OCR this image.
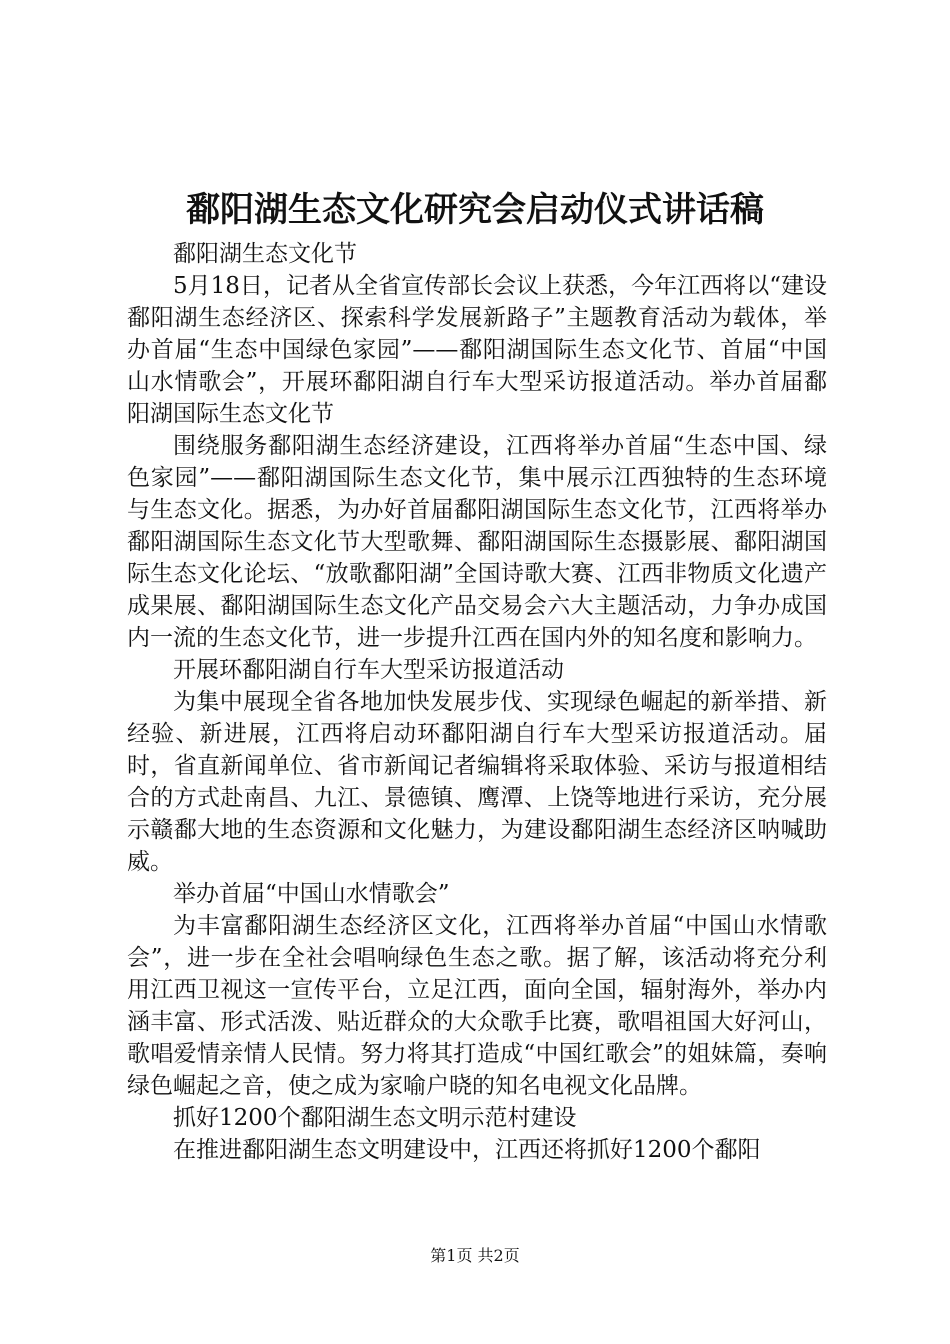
鄱阳湖生态文化研究会启动仪式讲话稿

鄱阳湖生态文化节

5月18日，记者从全省宣传部长会议上获悉，今年江西将以“建设鄱阳湖生态经济区、探索科学发展新路子”主题教育活动为载体，举办首届“生态中国绿色家园”——鄱阳湖国际生态文化节、首届“中国山水情歌会”，开展环鄱阳湖自行车大型采访报道活动。举办首届鄱阳湖国际生态文化节

围绕服务鄱阳湖生态经济建设，江西将举办首届“生态中国、绿色家园”——鄱阳湖国际生态文化节，集中展示江西独特的生态环境与生态文化。据悉，为办好首届鄱阳湖国际生态文化节，江西将举办鄱阳湖国际生态文化节大型歌舞、鄱阳湖国际生态摄影展、鄱阳湖国际生态文化论坛、“放歌鄱阳湖”全国诗歌大赛、江西非物质文化遗产成果展、鄱阳湖国际生态文化产品交易会六大主题活动，力争办成国内一流的生态文化节，进一步提升江西在国内外的知名度和影响力。

开展环鄱阳湖自行车大型采访报道活动

为集中展现全省各地加快发展步伐、实现绿色崛起的新举措、新经验、新进展，江西将启动环鄱阳湖自行车大型采访报道活动。届时，省直新闻单位、省市新闻记者编辑将采取体验、采访与报道相结合的方式赴南昌、九江、景德镇、鹰潭、上饶等地进行采访，充分展示赣鄱大地的生态资源和文化魅力，为建设鄱阳湖生态经济区呐喊助威。

举办首届“中国山水情歌会”

为丰富鄱阳湖生态经济区文化，江西将举办首届“中国山水情歌会”，进一步在全社会唱响绿色生态之歌。据了解，该活动将充分利用江西卫视这一宣传平台，立足江西，面向全国，辐射海外，举办内涵丰富、形式活泼、贴近群众的大众歌手比赛，歌唱祖国大好河山，歌唱爱情亲情人民情。努力将其打造成“中国红歌会”的姐妹篇，奏响绿色崛起之音，使之成为家喻户晓的知名电视文化品牌。

抓好1200个鄱阳湖生态文明示范村建设

在推进鄱阳湖生态文明建设中，江西还将抓好1200个鄱阳

第1页 共2页
